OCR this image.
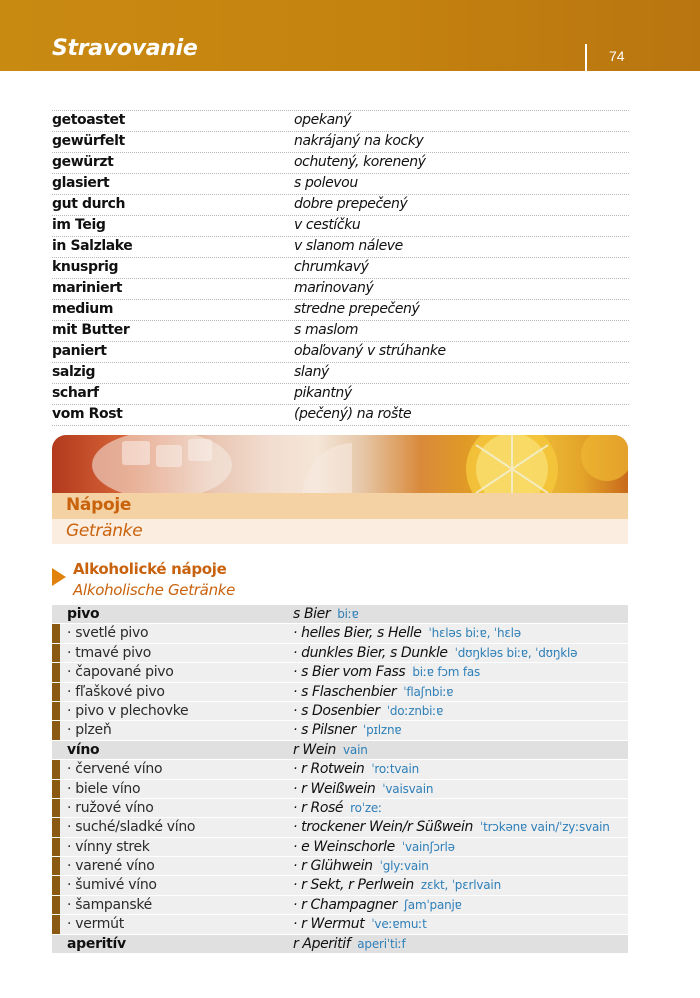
Stravovanie	74
getoastet	opekaný
gewürfelt	nakrájaný na kocky
gewürzt	ochutený, korenený
glasiert	s polevou
gut durch	dobre prepečený
im Teig	v cestíčku
in Salzlake	v slanom náleve
knusprig	chrumkavý
mariniert	marinovaný
medium	stredne prepečený
mit Butter	s maslom
paniert	obaľovaný v strúhanke
salzig	slaný
scharf	pikantný
vom Rost	(pečený) na rošte
Nápoje
Getränke
Alkoholické nápoje
Alkoholische Getränke
pivo	s Bier biːɐ
· svetlé pivo	· helles Bier, s Helle ˈhɛləs biːɐ, ˈhɛlə
· tmavé pivo	· dunkles Bier, s Dunkle ˈdʊŋkləs biːɐ, ˈdʊŋklə
· čapované pivo	· s Bier vom Fass biːɐ fɔm fas
· fľaškové pivo	· s Flaschenbier ˈflaʃnbiːɐ
· pivo v plechovke	· s Dosenbier ˈdoːznbiːɐ
· plzeň	· s Pilsner ˈpɪlznɐ
víno	r Wein vain
· červené víno	· r Rotwein ˈroːtvain
· biele víno	· r Weißwein ˈvaisvain
· ružové víno	· r Rosé roˈzeː
· suché/sladké víno	· trockener Wein/r Süßwein ˈtrɔkənɐ vain/ˈzyːsvain
· vínny strek	· e Weinschorle ˈvainʃɔrlə
· varené víno	· r Glühwein ˈglyːvain
· šumivé víno	· r Sekt, r Perlwein zɛkt, ˈpɛrlvain
· šampanské	· r Champagner ʃamˈpanjɐ
· vermút	· r Wermut ˈveːɐmuːt
aperitív	r Aperitif aperiˈtiːf
